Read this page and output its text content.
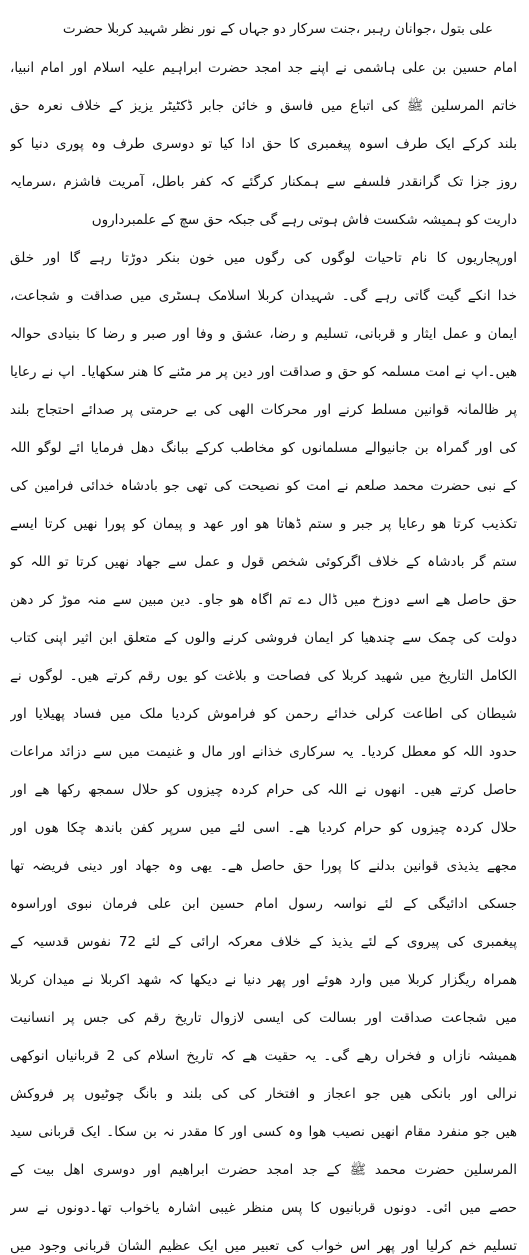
علی بتول ،جوانان رہبر ،جنت سرکار دو جہاں کے نور نظر شہید کربلا حضرت

امام حسین بن علی ہاشمی نے اپنے جد امجد حضرت ابراہیم علیہ اسلام اور امام انبیا،

خاتم المرسلین ﷺ کی اتباع میں فاسق و خائن جابر ڈکٹیٹر یزیز کے خلاف نعرہ حق

بلند کرکے ایک طرف اسوہ پیغمبری کا حق ادا کیا تو دوسری طرف وہ پوری دنیا کو

روز جزا تک گرانقدر فلسفے سے ہمکنار کرگئے کہ کفر باطل، آمریت فاشزم ،سرمایہ

داریت کو ہمیشہ شکست فاش ہوتی رہے گی جبکہ حق سچ کے علمبرداروں

اورپجاریوں کا نام تاحیات لوگوں کی رگوں میں خون بنکر دوڑتا رہے گا اور خلق

خدا انکے گیت گاتی رہے گی۔ شہیدان کربلا اسلامک ہسٹری میں صداقت و شجاعت،

ایمان و عمل ایثار و قربانی، تسلیم و رضا، عشق و وفا اور صبر و رضا کا بنیادی حوالہ

ھیں۔اپ نے امت مسلمہ کو حق و صداقت اور دین پر مر مٹنے کا ھنر سکھایا۔ اپ نے رعایا

پر ظالمانہ قوانین مسلط کرنے اور محرکات الھی کی بے حرمتی پر صدائے احتجاج بلند

کی اور گمراہ بن جانیوالے مسلمانوں کو مخاطب کرکے ببانگ دھل فرمایا ائے لوگو اللہ

کے نبی حضرت محمد صلعم نے امت کو نصیحت کی تھی جو بادشاہ خدائی فرامین کی

تکذیب کرتا ھو رعایا پر جبر و ستم ڈھاتا ھو اور عھد و پیمان کو پورا نھیں کرتا ایسے

ستم گر بادشاہ کے خلاف اگرکوئی شخص قول و عمل سے جھاد نھیں کرتا تو اللہ کو

حق حاصل ھے اسے دوزخ میں ڈال دے تم اگاہ ھو جاو۔ دین مبین سے منہ موڑ کر دھن

دولت کی چمک سے چندھیا کر ایمان فروشی کرنے والوں کے متعلق ابن اثیر اپنی کتاب

الکامل التاریخ میں شھید کربلا کی فصاحت و بلاغت کو یوں رقم کرتے ھیں۔ لوگوں نے

شیطان کی اطاعت کرلی خدائے رحمن کو فراموش کردیا ملک میں فساد پھیلایا اور

حدود اللہ کو معطل کردیا۔ یہ سرکاری خذانے اور مال و غنیمت میں سے دزائد مراعات

حاصل کرتے ھیں۔ انھوں نے اللہ کی حرام کردہ چیزوں کو حلال سمجھ رکھا ھے اور

حلال کردہ چیزوں کو حرام کردیا ھے۔ اسی لئے میں سرپر کفن باندھ چکا ھوں اور

مجھے یذیذی قوانین بدلنے کا پورا حق حاصل ھے۔ یھی وہ جھاد اور دینی فریضہ تھا

جسکی ادائیگی کے لئے نواسہ رسول امام حسین ابن علی فرمان نبوی اوراسوہ

پیغمبری کی پیروی کے لئے یذیذ کے خلاف معرکہ ارائی کے لئے 72 نفوس قدسیہ کے

ھمراہ ریگزار کربلا میں وارد ھوئے اور پھر دنیا نے دیکھا کہ شھد اکربلا نے میدان کربلا

میں شجاعت صداقت اور بسالت کی ایسی لازوال تاریخ رقم کی جس پر انسانیت

ھمیشہ نازاں و فخراں رھے گی۔ یہ حقیت ھے کہ تاریخ اسلام کی 2 قربانیاں انوکھی

نرالی اور بانکی ھیں جو اعجاز و افتخار کی کی بلند و بانگ چوٹیوں پر فروکش

ھیں جو منفرد مقام انھیں نصیب ھوا وہ کسی اور کا مقدر نہ بن سکا۔ ایک قربانی سید

المرسلین حضرت محمد ﷺ کے جد امجد حضرت ابراھیم اور دوسری اھل بیت کے

حصے میں ائی۔ دونوں قربانیوں کا پس منظر غیبی اشارہ یاخواب تھا۔دونوں نے سر

تسلیم خم کرلیا اور پھر اس خواب کی تعبیر میں ایک عظیم الشان قربانی وجود میں
